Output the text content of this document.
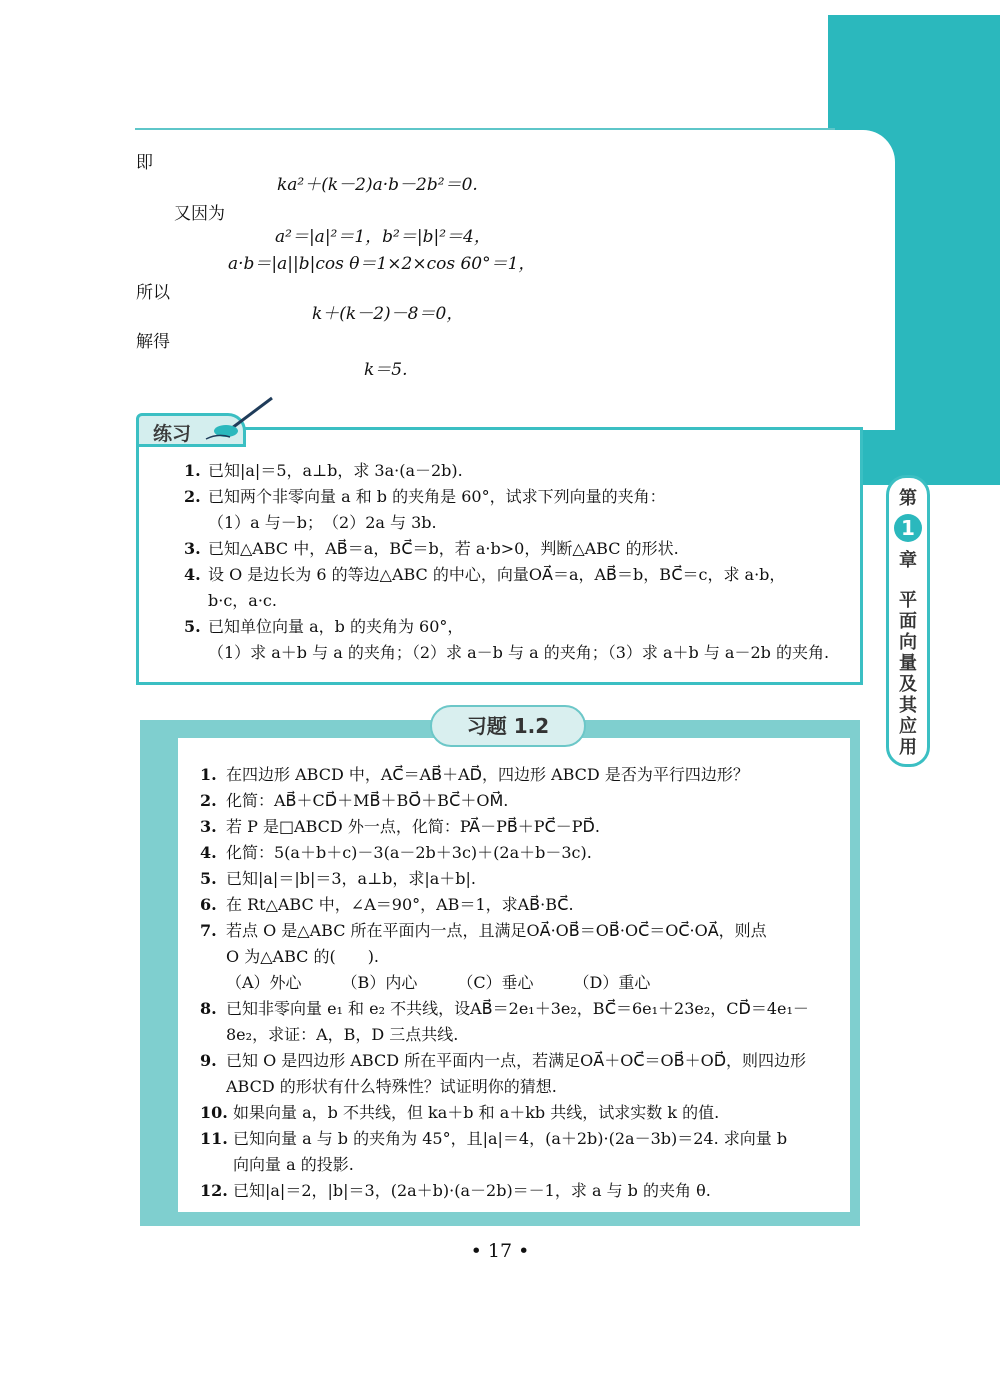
即
ka²＋(k－2)a·b－2b²＝0.
又因为
a²＝|a|²＝1，b²＝|b|²＝4，
a·b＝|a||b|cos θ＝1×2×cos 60°＝1，
所以
k＋(k－2)－8＝0，
解得
k＝5.
第
1
章
平面向量及其应用
练习
1. 已知|a|＝5，a⊥b，求 3a·(a－2b).
2. 已知两个非零向量 a 和 b 的夹角是 60°，试求下列向量的夹角：
（1）a 与－b；　（2）2a 与 3b.
3. 已知△ABC 中，AB⃗＝a，BC⃗＝b，若 a·b>0，判断△ABC 的形状.
4. 设 O 是边长为 6 的等边△ABC 的中心，向量OA⃗＝a，AB⃗＝b，BC⃗＝c，求 a·b，
b·c，a·c.
5. 已知单位向量 a，b 的夹角为 60°，
（1）求 a＋b 与 a 的夹角；（2）求 a－b 与 a 的夹角；（3）求 a＋b 与 a－2b 的夹角.
习题 1.2
1. 在四边形 ABCD 中，AC⃗＝AB⃗＋AD⃗，四边形 ABCD 是否为平行四边形？
2. 化简：AB⃗＋CD⃗＋MB⃗＋BO⃗＋BC⃗＋OM⃗.
3. 若 P 是□ABCD 外一点，化简：PA⃗－PB⃗＋PC⃗－PD⃗.
4. 化简：5(a＋b＋c)－3(a－2b＋3c)＋(2a＋b－3c).
5. 已知|a|＝|b|＝3，a⊥b，求|a＋b|.
6. 在 Rt△ABC 中，∠A＝90°，AB＝1，求AB⃗·BC⃗.
7. 若点 O 是△ABC 所在平面内一点，且满足OA⃗·OB⃗＝OB⃗·OC⃗＝OC⃗·OA⃗，则点
O 为△ABC 的(　　).
（A）外心　　　（B）内心　　　（C）垂心　　　（D）重心
8. 已知非零向量 e₁ 和 e₂ 不共线，设AB⃗＝2e₁＋3e₂，BC⃗＝6e₁＋23e₂，CD⃗＝4e₁－
8e₂，求证：A，B，D 三点共线.
9. 已知 O 是四边形 ABCD 所在平面内一点，若满足OA⃗＋OC⃗＝OB⃗＋OD⃗，则四边形
ABCD 的形状有什么特殊性？试证明你的猜想.
10. 如果向量 a，b 不共线，但 ka＋b 和 a＋kb 共线，试求实数 k 的值.
11. 已知向量 a 与 b 的夹角为 45°，且|a|＝4，(a＋2b)·(2a－3b)＝24. 求向量 b
向向量 a 的投影.
12. 已知|a|＝2，|b|＝3，(2a＋b)·(a－2b)＝－1，求 a 与 b 的夹角 θ.
• 17 •
